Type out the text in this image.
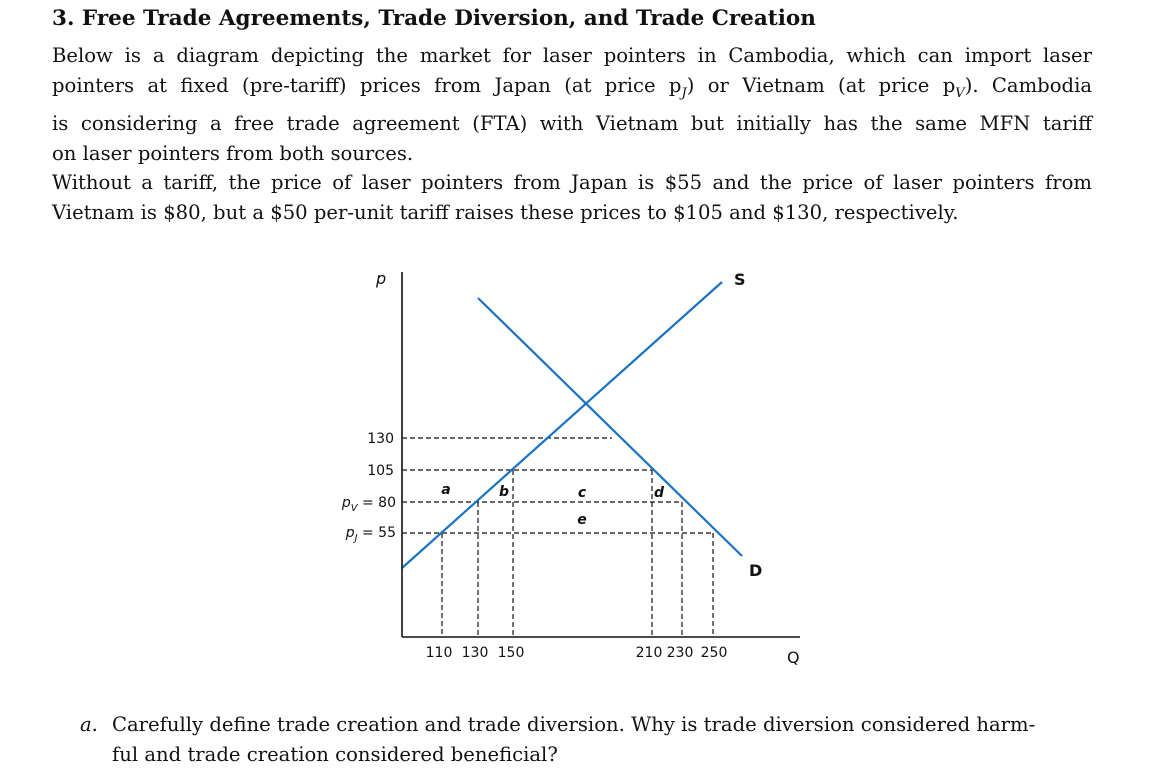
3. Free Trade Agreements, Trade Diversion, and Trade Creation
Below is a diagram depicting the market for laser pointers in Cambodia, which can import laser
pointers at fixed (pre-tariff) prices from Japan (at price $p_J$) or Vietnam (at price $p_V$). Cambodia
is considering a free trade agreement (FTA) with Vietnam but initially has the same MFN tariff
on laser pointers from both sources.
Without a tariff, the price of laser pointers from Japan is $55 and the price of laser pointers from
Vietnam is $80, but a $50 per-unit tariff raises these prices to $105 and $130, respectively.
p
Q
S
D
130
105
$p_V = 80$
$p_J = 55$
110 130 150	210 230 250
a	b	c	d
e
a. Carefully define trade creation and trade diversion. Why is trade diversion considered harm-
ful and trade creation considered beneficial?
